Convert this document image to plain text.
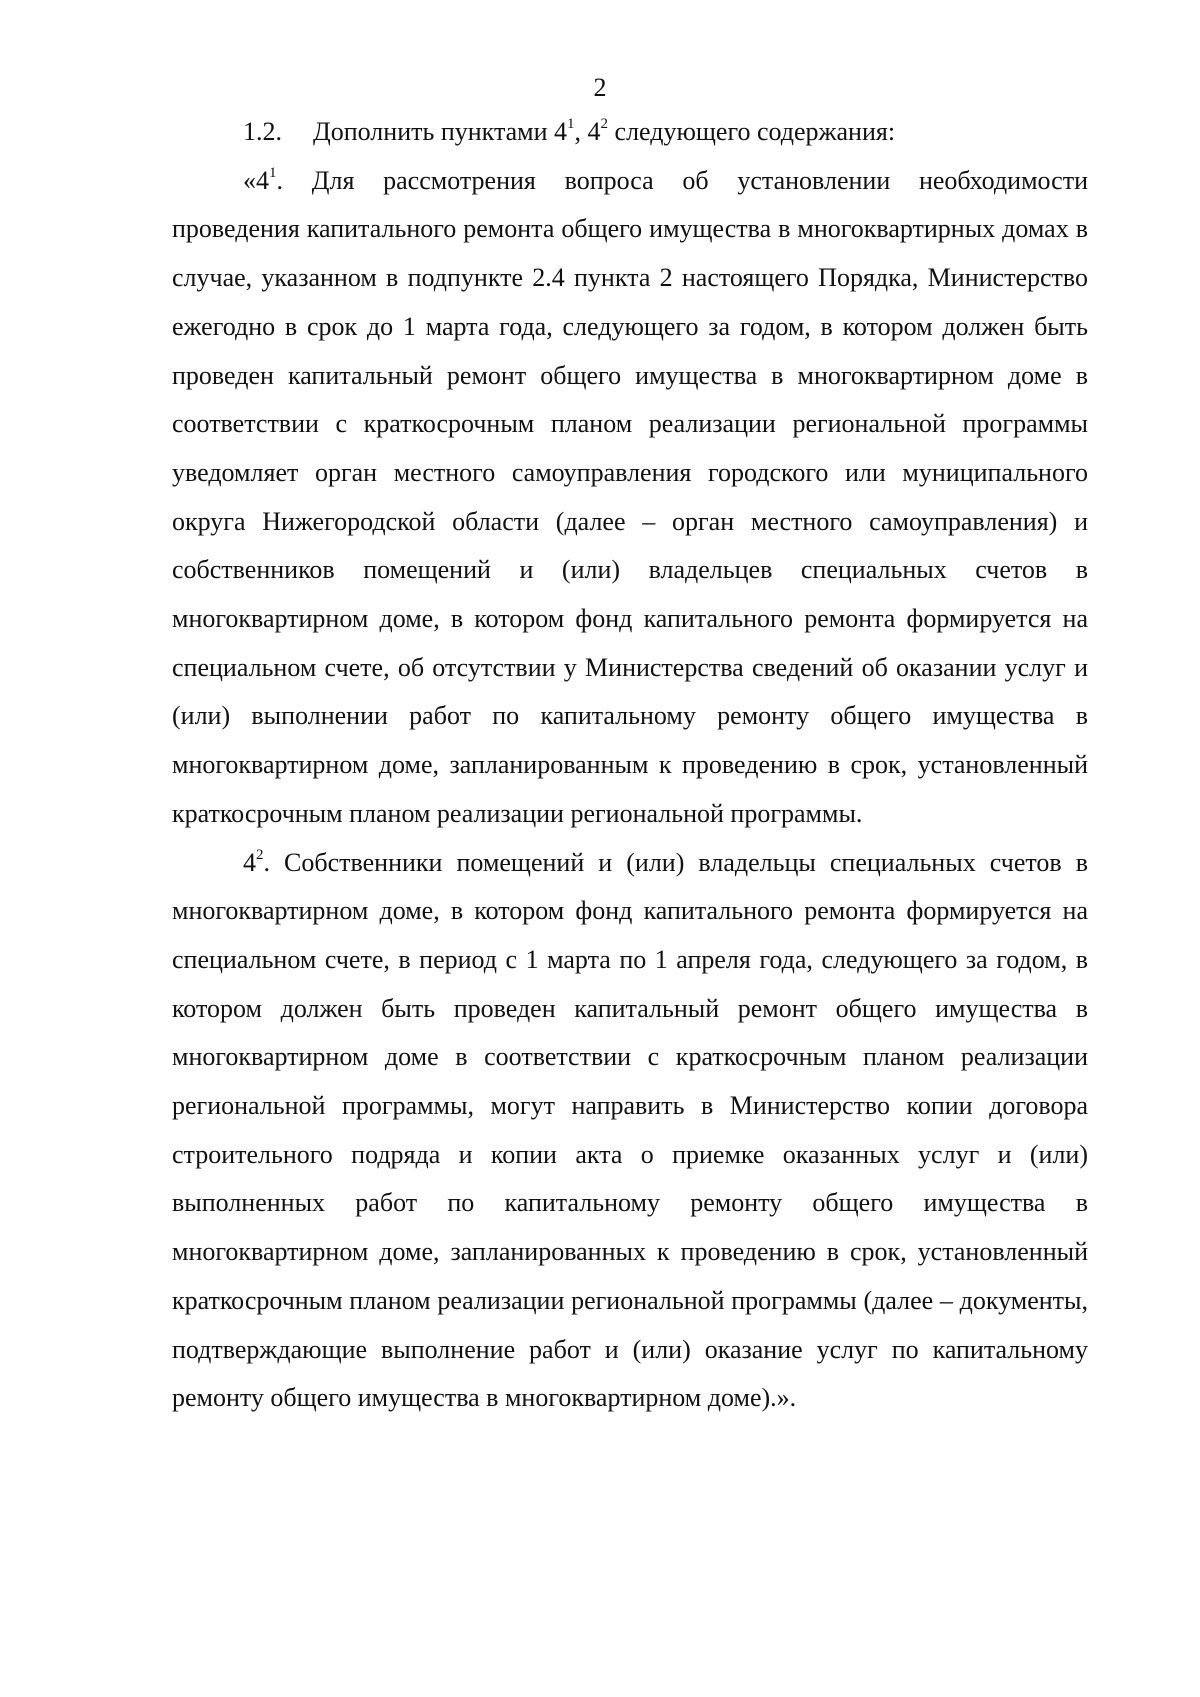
2

1.2. Дополнить пунктами $4^1$, $4^2$ следующего содержания:

«$4^1$. Для рассмотрения вопроса об установлении необходимости проведения капитального ремонта общего имущества в многоквартирных домах в случае, указанном в подпункте 2.4 пункта 2 настоящего Порядка, Министерство ежегодно в срок до 1 марта года, следующего за годом, в котором должен быть проведен капитальный ремонт общего имущества в многоквартирном доме в соответствии с краткосрочным планом реализации региональной программы уведомляет орган местного самоуправления городского или муниципального округа Нижегородской области (далее – орган местного самоуправления) и собственников помещений и (или) владельцев специальных счетов в многоквартирном доме, в котором фонд капитального ремонта формируется на специальном счете, об отсутствии у Министерства сведений об оказании услуг и (или) выполнении работ по капитальному ремонту общего имущества в многоквартирном доме, запланированным к проведению в срок, установленный краткосрочным планом реализации региональной программы.

$4^2$. Собственники помещений и (или) владельцы специальных счетов в многоквартирном доме, в котором фонд капитального ремонта формируется на специальном счете, в период с 1 марта по 1 апреля года, следующего за годом, в котором должен быть проведен капитальный ремонт общего имущества в многоквартирном доме в соответствии с краткосрочным планом реализации региональной программы, могут направить в Министерство копии договора строительного подряда и копии акта о приемке оказанных услуг и (или) выполненных работ по капитальному ремонту общего имущества в многоквартирном доме, запланированных к проведению в срок, установленный краткосрочным планом реализации региональной программы (далее – документы, подтверждающие выполнение работ и (или) оказание услуг по капитальному ремонту общего имущества в многоквартирном доме).».
